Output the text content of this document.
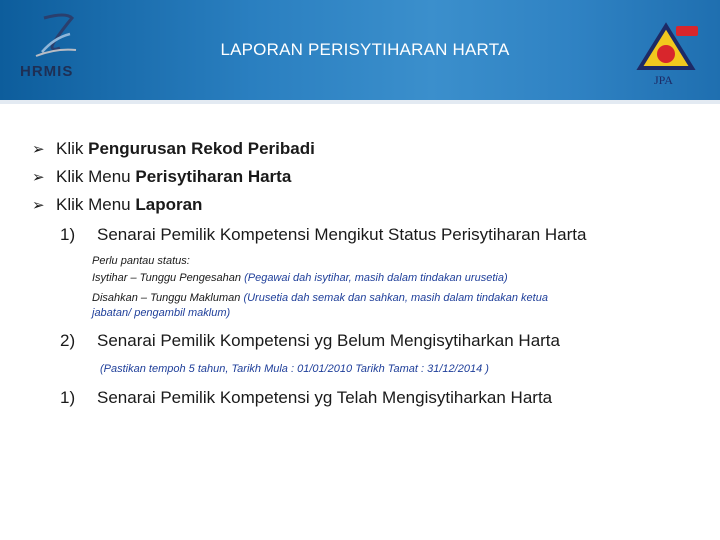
HRMIS
LAPORAN PERISYTIHARAN HARTA
JPA
➢ Klik Pengurusan Rekod Peribadi
➢ Klik Menu Perisytiharan Harta
➢ Klik Menu Laporan
1) Senarai Pemilik Kompetensi Mengikut Status Perisytiharan Harta
Perlu pantau status:
Isytihar – Tunggu Pengesahan (Pegawai dah isytihar, masih dalam tindakan urusetia)
Disahkan – Tunggu Makluman (Urusetia dah semak dan sahkan, masih dalam tindakan ketua
jabatan/ pengambil maklum)
2) Senarai Pemilik Kompetensi yg Belum Mengisytiharkan Harta
(Pastikan tempoh 5 tahun, Tarikh Mula : 01/01/2010 Tarikh Tamat : 31/12/2014 )
1) Senarai Pemilik Kompetensi yg Telah Mengisytiharkan Harta
